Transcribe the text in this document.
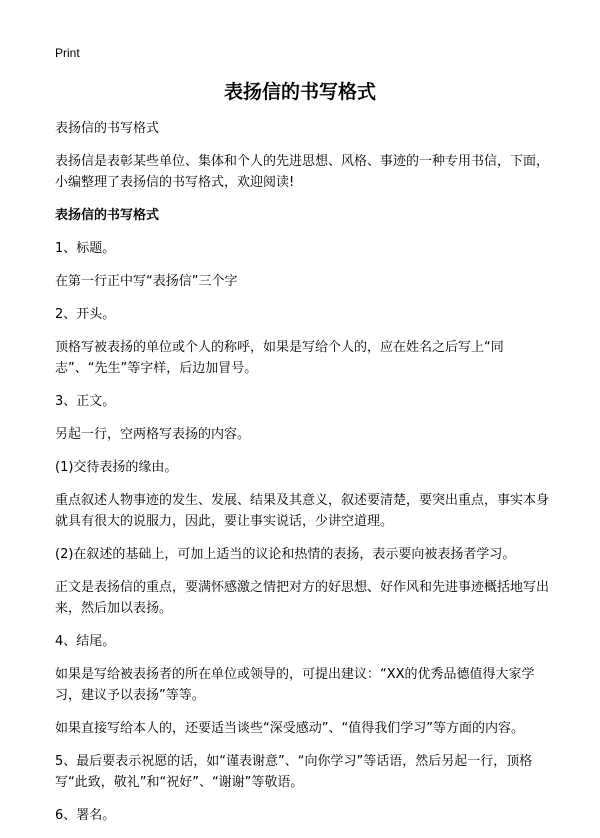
Print
表扬信的书写格式

表扬信的书写格式

表扬信是表彰某些单位、集体和个人的先进思想、风格、事迹的一种专用书信，下面，小编整理了表扬信的书写格式，欢迎阅读!

表扬信的书写格式

1、标题。

在第一行正中写“表扬信”三个字

2、开头。

顶格写被表扬的单位或个人的称呼，如果是写给个人的，应在姓名之后写上“同志”、“先生”等字样，后边加冒号。

3、正文。

另起一行，空两格写表扬的内容。

(1)交待表扬的缘由。

重点叙述人物事迹的发生、发展、结果及其意义，叙述要清楚，要突出重点，事实本身就具有很大的说服力，因此，要让事实说话，少讲空道理。

(2)在叙述的基础上，可加上适当的议论和热情的表扬，表示要向被表扬者学习。

正文是表扬信的重点，要满怀感激之情把对方的好思想、好作风和先进事迹概括地写出来，然后加以表扬。

4、结尾。

如果是写给被表扬者的所在单位或领导的，可提出建议：“XX的优秀品德值得大家学习，建议予以表扬”等等。

如果直接写给本人的，还要适当谈些“深受感动”、“值得我们学习”等方面的内容。

5、最后要表示祝愿的话，如“谨表谢意”、“向你学习”等话语，然后另起一行，顶格写“此致，敬礼”和“祝好”、“谢谢”等敬语。

6、署名。
